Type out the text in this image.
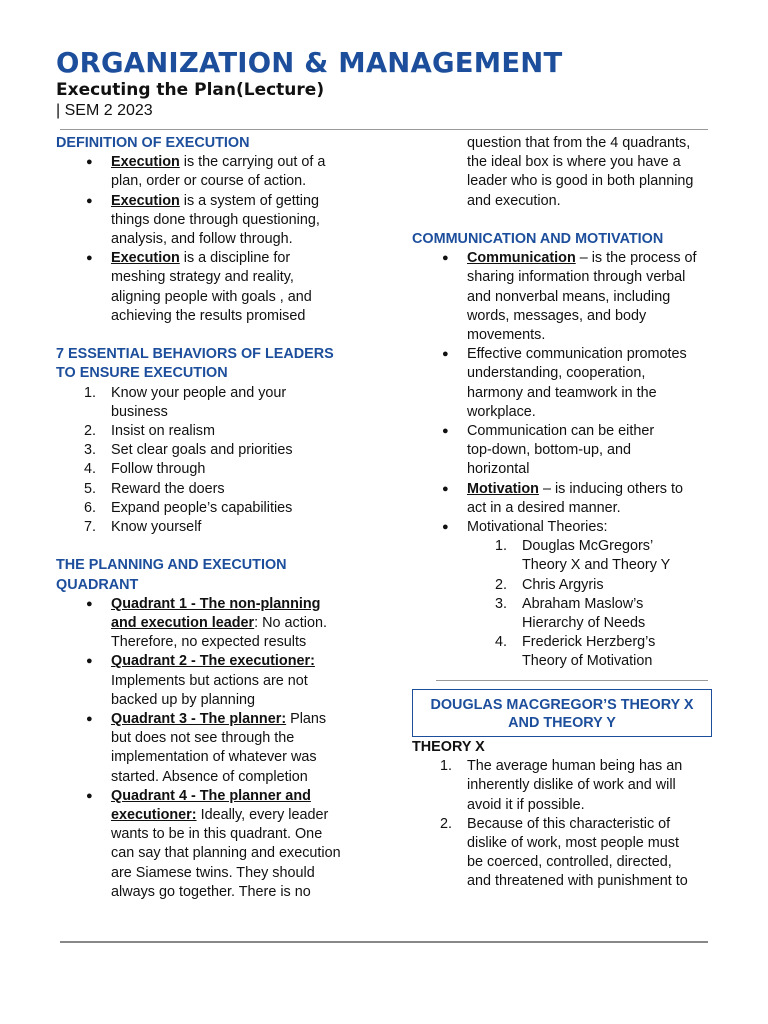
ORGANIZATION & MANAGEMENT
Executing the Plan(Lecture)
| SEM 2 2023
DEFINITION OF EXECUTION
● Execution is the carrying out of a
plan, order or course of action.
● Execution is a system of getting
things done through questioning,
analysis, and follow through.
● Execution is a discipline for
meshing strategy and reality,
aligning people with goals , and
achieving the results promised
7 ESSENTIAL BEHAVIORS OF LEADERS
TO ENSURE EXECUTION
1. Know your people and your
business
2. Insist on realism
3. Set clear goals and priorities
4. Follow through
5. Reward the doers
6. Expand people’s capabilities
7. Know yourself
THE PLANNING AND EXECUTION
QUADRANT
● Quadrant 1 - The non-planning
and execution leader: No action.
Therefore, no expected results
● Quadrant 2 - The executioner:
Implements but actions are not
backed up by planning
● Quadrant 3 - The planner: Plans
but does not see through the
implementation of whatever was
started. Absence of completion
● Quadrant 4 - The planner and
executioner: Ideally, every leader
wants to be in this quadrant. One
can say that planning and execution
are Siamese twins. They should
always go together. There is no
question that from the 4 quadrants,
the ideal box is where you have a
leader who is good in both planning
and execution.
COMMUNICATION AND MOTIVATION
● Communication – is the process of
sharing information through verbal
and nonverbal means, including
words, messages, and body
movements.
● Effective communication promotes
understanding, cooperation,
harmony and teamwork in the
workplace.
● Communication can be either
top-down, bottom-up, and
horizontal
● Motivation – is inducing others to
act in a desired manner.
● Motivational Theories:
1. Douglas McGregors’
Theory X and Theory Y
2. Chris Argyris
3. Abraham Maslow’s
Hierarchy of Needs
4. Frederick Herzberg’s
Theory of Motivation
DOUGLAS MACGREGOR’S THEORY X
AND THEORY Y
THEORY X
1. The average human being has an
inherently dislike of work and will
avoid it if possible.
2. Because of this characteristic of
dislike of work, most people must
be coerced, controlled, directed,
and threatened with punishment to
